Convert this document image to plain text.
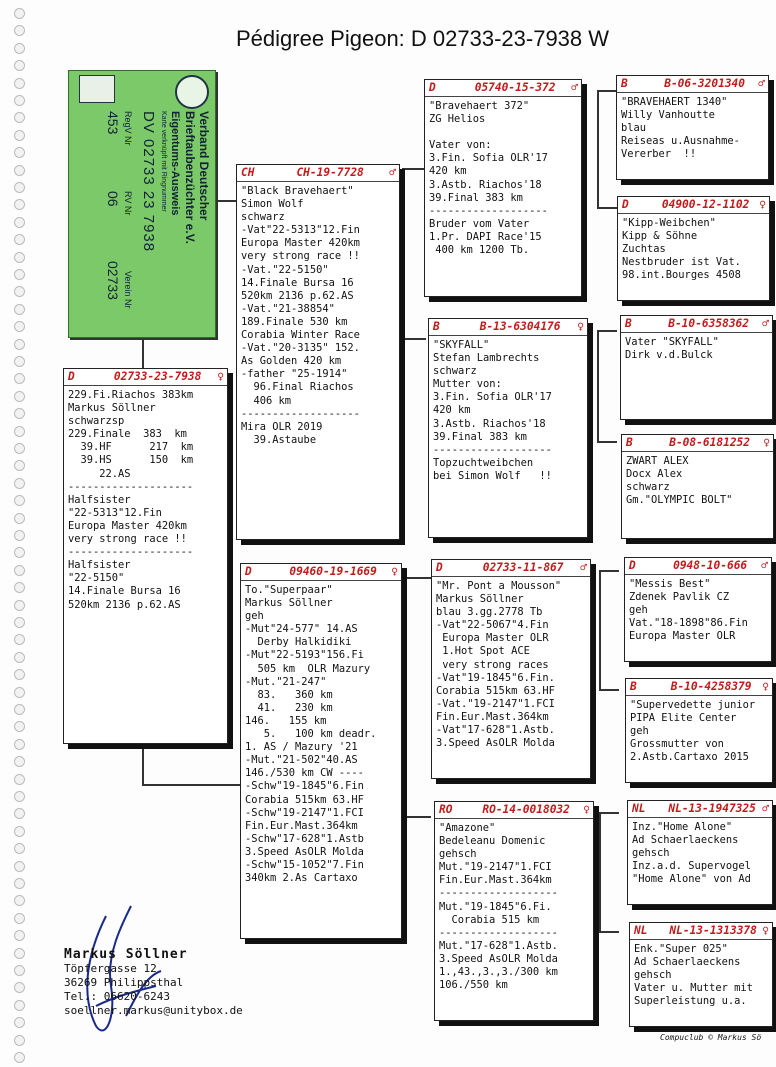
Pédigree Pigeon: D 02733-23-7938 W
Verband Deutscher
Brieftaubenzüchter e.V.
Eigentums-Ausweis
Karte verknüpft mit Ringnummer
DV 02733 23 7938
RegV Nr
453
RV Nr
06
Verein Nr
02733
D	02733-23-7938	♀
229.Fi.Riachos 383km
Markus Söllner
schwarzsp
229.Finale  383  km
39.HF      217  km
39.HS      150  km
22.AS
--------------------
Halfsister
"22-5313"12.Fin
Europa Master 420km
very strong race !!
--------------------
Halfsister
"22-5150"
14.Finale Bursa 16
520km 2136 p.62.AS
CH	CH-19-7728	♂
"Black Bravehaert"
Simon Wolf
schwarz
-Vat"22-5313"12.Fin
Europa Master 420km
very strong race !!
-Vat."22-5150"
14.Finale Bursa 16
520km 2136 p.62.AS
-Vat."21-38854"
189.Finale 530 km
Corabia Winter Race
-Vat."20-3135" 152.
As Golden 420 km
-father "25-1914"
96.Final Riachos
406 km
-------------------
Mira OLR 2019
39.Astaube
D	09460-19-1669	♀
To."Superpaar"
Markus Söllner
geh
-Mut"24-577" 14.AS
Derby Halkidiki
-Mut"22-5193"156.Fi
505 km  OLR Mazury
-Mut."21-247"
83.   360 km
41.   230 km
146.   155 km
5.   100 km deadr.
1. AS / Mazury '21
-Mut."21-502"40.AS
146./530 km CW ----
-Schw"19-1845"6.Fin
Corabia 515km 63.HF
-Schw"19-2147"1.FCI
Fin.Eur.Mast.364km
-Schw"17-628"1.Astb
3.Speed AsOLR Molda
-Schw"15-1052"7.Fin
340km 2.As Cartaxo
D	05740-15-372	♂
"Bravehaert 372"
ZG Helios
Vater von:
3.Fin. Sofia OLR'17
420 km
3.Astb. Riachos'18
39.Final 383 km
-------------------
Bruder vom Vater
1.Pr. DAPI Race'15
400 km 1200 Tb.
B	B-13-6304176	♀
"SKYFALL"
Stefan Lambrechts
schwarz
Mutter von:
3.Fin. Sofia OLR'17
420 km
3.Astb. Riachos'18
39.Final 383 km
-------------------
Topzuchtweibchen
bei Simon Wolf   !!
D	02733-11-867	♂
"Mr. Pont a Mousson"
Markus Söllner
blau 3.gg.2778 Tb
-Vat"22-5067"4.Fin
Europa Master OLR
1.Hot Spot ACE
very strong races
-Vat"19-1845"6.Fin.
Corabia 515km 63.HF
-Vat."19-2147"1.FCI
Fin.Eur.Mast.364km
-Vat"17-628"1.Astb.
3.Speed AsOLR Molda
RO	RO-14-0018032	♀
"Amazone"
Bedeleanu Domenic
gehsch
Mut."19-2147"1.FCI
Fin.Eur.Mast.364km
-------------------
Mut."19-1845"6.Fi.
Corabia 515 km
-------------------
Mut."17-628"1.Astb.
3.Speed AsOLR Molda
1.,43.,3.,3./300 km
106./550 km
B	B-06-3201340	♂
"BRAVEHAERT 1340"
Willy Vanhoutte
blau
Reiseas u.Ausnahme-
Vererber  !!
D	04900-12-1102 ♀
"Kipp-Weibchen"
Kipp & Söhne
Zuchtas
Nestbruder ist Vat.
98.int.Bourges 4508
B	B-10-6358362	♂
Vater "SKYFALL"
Dirk v.d.Bulck
B	B-08-6181252	♀
ZWART ALEX
Docx Alex
schwarz
Gm."OLYMPIC BOLT"
D	0948-10-666	♂
"Messis Best"
Zdenek Pavlik CZ
geh
Vat."18-1898"86.Fin
Europa Master OLR
B	B-10-4258379 ♀
"Supervedette junior
PIPA Elite Center
geh
Grossmutter von
2.Astb.Cartaxo 2015
NL	NL-13-1947325 ♂
Inz."Home Alone"
Ad Schaerlaeckens
gehsch
Inz.a.d. Supervogel
"Home Alone" von Ad
NL	NL-13-1313378 ♀
Enk."Super 025"
Ad Schaerlaeckens
gehsch
Vater u. Mutter mit
Superleistung u.a.
Markus Söllner
Töpfergasse 12
36269 Philippsthal
Tel.: 06620-6243
soellner.markus@unitybox.de
Compuclub © Markus Sö
